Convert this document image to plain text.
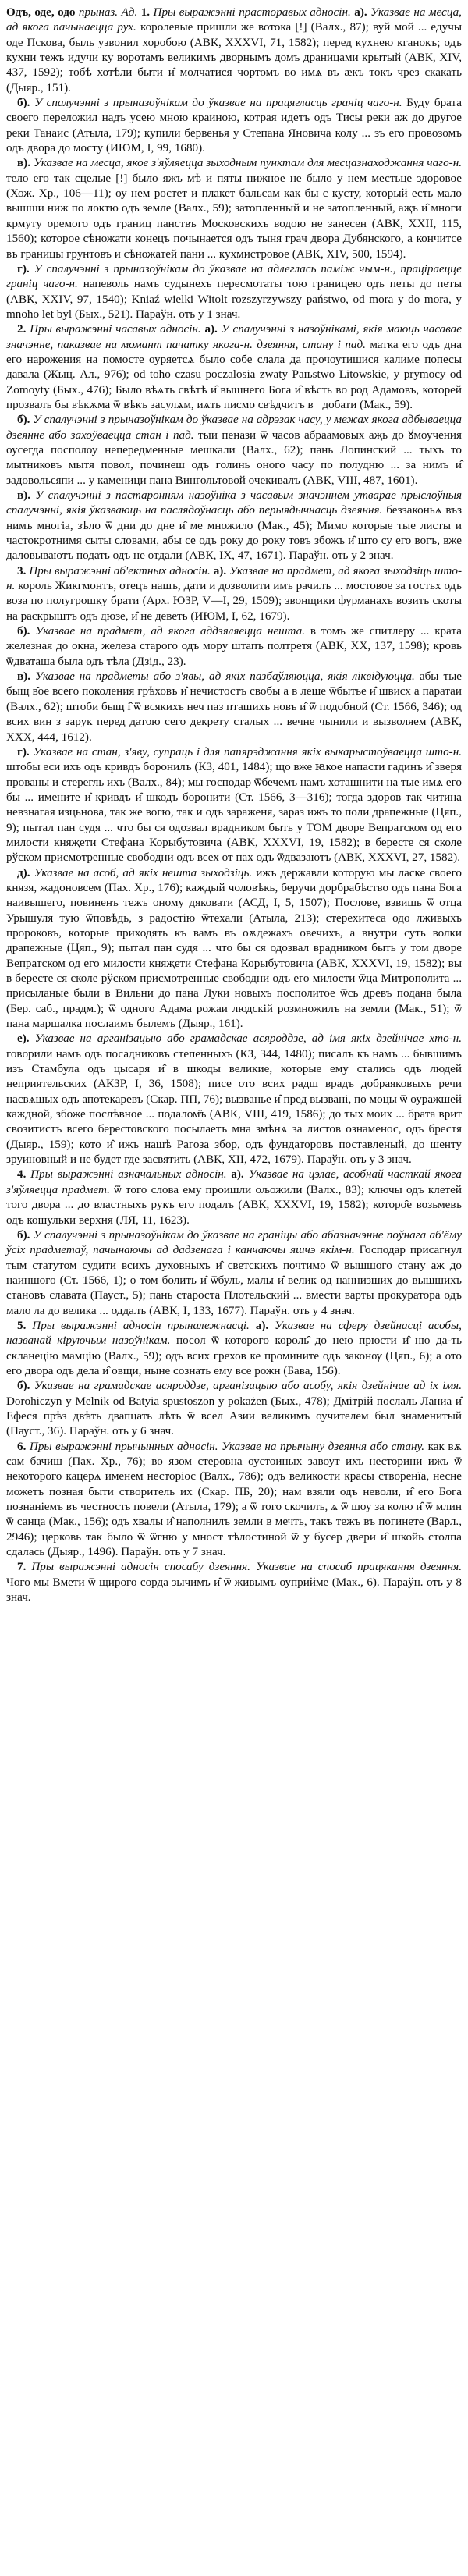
Одъ, оде, одо прыназ. Ад. 1. Пры выражэнні прасторавых адносін. а). Указвае на месца, ад якога пачынаецца рух. королевые пришли же вотока [!] (Валх., 87); вуй мой ... едучы оде Пскова, быль узвонил хоробою (АВК, XXXVI, 71, 1582); перед кухнею кганокъ; одъ кухни тежъ идучи ку воротамъ великимъ дворнымъ домъ драницами крытый (АВК, XIV, 437, 1592); тобѣ хотѣли быти и̂ молчатися чортомъ во имѧ въ ӕкъ токъ чрез скакать (Дыяр., 151).

б). У спалучэнні з прыназоўнікам до ўказвае на працягласць граніц чаго-н. Буду брата своего переложил надъ усею мною краиною, котрая идетъ одъ Тисы реки аж до другое реки Танаис (Атыла, 179); купили бервенья у Степана Яновича колу ... зъ его провозомъ одъ двора до мосту (ИЮМ, I, 99, 1680).

в). Указвае на месца, якое з'яўляецца зыходным пунктам для месцазнаходжання чаго-н. тело его так сцелые [!] было яжъ мѣ и пяты нижное не было у нем местьце здоровое (Хож. Хр., 106—11); оу нем ростет и плакет бальсам как бы с кусту, который есть мало вышши ниж по локтю одъ земле (Валх., 59); затопленный и не затопленный, аҗъ и̂ многи крмуту оремого одъ границ панствъ Московскихъ водою не занесен (АВК, XXII, 115, 1560); которое сѣножати конецъ почынается одъ тыня граҹ двора Дубянского, а кончитсе въ границы грунтовъ и сѣножатей пани ... кухмистровое (АВК, XIV, 500, 1594).

г). У спалучэнні з прыназоўнікам до ўказвае на адлеглась паміж чым-н., праціраецце граніц чаго-н. напеволь намъ судынехъ пересмотаты тою границею одъ петы до петы (АВК, XXIV, 97, 1540); Kniaź wielki Witolt rozszyrzywszy pańѕtwo, od mora у do mora, у mnoho let byl (Бых., 521). Параўн. оть у 1 знач.

2. Пры выражэнні часавых адносін. а). У спалучэнні з назоўнікамі, якія маюць часавае значэнне, паказвае на момант пачатку якога-н. дзеяння, стану і пад. матка его одъ дна его нарожения на помосте оуряетсѧ было собе слала да прочоутишися калиме попесы давала (Жыц. Ал., 976); od toho czasu poczalosia zwaty Paњstwo Litowskie, у prymoсу od Zomoytу (Бых., 476); Было вѣѧть свѣтѣ и̂ вышнего Бога и̂ вѣсть во род Адамовъ, которей прозвалъ бы вѣкѫма ѿ вѣкъ засулѧм, иѧть писмо свѣдчитъ в᷑добати (Мак., 59).

б). У спалучэнні з прыназоўнікам до ўказвае на адрэзак часу, у межах якога адбываецца дзеянне або захоўваецца стан і пад. тыи пенази ѿ часов абраамовых аҗь до ꙋмоучения оусегда посполоу непередменные мешкали (Валх., 62); пань Лопинский ... тыхъ то мытниковъ мытя повол, починеш одъ голинь оного часу по полудню ... за нимъ и̂ задовольсяпи ... у каменици пана Вингольтовой очекивалъ (АВК, VIII, 487, 1601).

в). У спалучэнні з пастаронням назоўніка з часавым значэннем утварае прыслоўныя спалучэнні, якія ўказваюць на паслядоўнасць або перыядычнасць дзеяння. беззаконьѧ въз нимъ многіа, зѣло ѿ дни до дне и̂ ме множило (Мак., 45); Мимо которые тые листы и частокротнимя сыты словами, абы се одъ року до року товъ збожъ и̂ што су его вогъ, вже даловываютъ подать одъ не отдали (АВК, IX, 47, 1671). Параўн. оть у 2 знач.

3. Пры выражэнні аб'ектных адносін. а). Указвае на прадмет, ад якога зыходзіць што-н. король Жикгмонтъ, отецъ нашъ, дати и дозволити имъ рачилъ ... мостовое за гостьх одъ воза по полугрошку брати (Арх. ЮЗР, V—I, 29, 1509); звонщики фурманахъ возить скоты на раскрыштъ одъ дюзе, и̂ не деветь (ИЮМ, I, 62, 1679).

б). Указвае на прадмет, ад якога аддзяляецца нешта. в томъ же спитлеру ... крата железная до окна, железа старого одъ мору штапъ полтретя (АВК, XX, 137, 1598); кровь ѿдваташа была одъ тѣла (Дзід., 23).

в). Указвае на прадметы або з'явы, ад якіх пазбаўляюцца, якія ліквідуюцца. абы тые быщ в̑ое всего поколения грѣховъ и̂ нечистостъ свобы а в леше ѿбытье и̂ швисх а паратаи (Валх., 62); штоби быщ і̂ ѿ всякихъ неч паз пташихъ новъ и̂ ѿ подобной (Ст. 1566, 346); од всих вин з зарук перед датою сего декрету сталых ... вечне чынили и вызволяем (АВК, XXX, 444, 1612).

г). Указвае на стан, з'яву, супраць і для папярэджання якіх выкарыстоўваецца што-н. штобы еси ихъ одъ кривдъ боронилъ (КЗ, 401, 1484); що вже ꙗкое напасти гадинъ и̂ зверя прованы и стерегль ихъ (Валх., 84); мы господар ѿбечемъ намъ хоташнити на тые имѧ его бы ... имените и̂ кривдъ и̂ шкодъ боронити (Ст. 1566, 3—316); тогда здоров так читина невзнагая изцьнова, так же вогю, так и одъ зараженя, зараз ижъ то поли драпежные (Цяп., 9); пытал пан судя ... что бы ся одозвал врадником быть у ТОМ дворе Вепратском од его милости княҗети Стефана Корыбутовича (АВК, XXXVI, 19, 1582); в бересте ся сколе рўском присмотренные свободни одъ всех от пах одъ ѿдвазаютъ (АВК, XXXVI, 27, 1582).

д). Указвае на асоб, ад якіх нешта зыходзіць. ижъ державли которую мы ласке своего князя, жадоновсем (Пах. Хр., 176); каждый чоловѣкь, беручи дорбрабѣство одъ пана Бога наивышего, повиненъ тежъ оному дяковати (АСД, I, 5, 1507); Послове, взвишь ѿ отца Урышуля тую ѿповѣдь, з радостію ѿтехали (Атыла, 213); стерехитеса одо лживыхъ пророковъ, которые приходять къ вамъ въ оѫдежахъ овечихъ, а внутри суть волки драпежные (Цяп., 9); пытал пан судя ... что бы ся одозвал врадником быть у том дворе Вепратском од его милости княҗети Стефана Корыбутовича (АВК, XXXVI, 19, 1582); вы в бересте ся сколе рўском присмотренные свободни одъ его милости ѿца Митрополита ... присыланые были в Вильни до пана Луки новыхъ посполитое ѿсь древъ подана была (Бер. саб., прадм.); ѿ одного Адама рожаи людскій розмножилъ на земли (Мак., 51); ѿ пана маршалка послаимъ былемъ (Дыяр., 161).

е). Указвае на арганізацыю або грамадскае асяроддзе, ад імя якіх дзейнічае хто-н. говорили намъ одъ посадниковъ степенныхъ (КЗ, 344, 1480); писалъ къ намъ ... бывшимъ изъ Стамбула одъ цысаря и̂ в шкоды великие, которые ему стались одъ людей неприятельских (АКЗР, I, 36, 1508); писе ото всих радш врадъ добраяковыхъ речи насвѧщых одъ апотекаревъ (Скар. ПП, 76); вызванье и̂ пред вызвані, по моцы ѿ оуражшей каждной, збоже послѣвное ... подалом̑ъ (АВК, VIII, 419, 1586); до тых моих ... брата врит свозитистъ всего берестовского посылаетъ мна змѣнѧ за листов ознаменос, одъ брестя (Дыяр., 159); кото и̂ ижъ нашѣ Рагоза збор, одъ фундаторовъ поставленый, до шенту зруиновный и не будет где засвятить (АВК, XII, 472, 1679). Параўн. оть у 3 знач.

4. Пры выражэнні азначальных адносін. а). Указвае на цэлае, асобнай часткай якога з'яўляецца прадмет. ѿ того слова ему проишли ољожили (Валх., 83); ключы одъ клетей того двора ... до властныхъ рукъ его подалъ (АВК, XXXVI, 19, 1582); которо̑е возьмевъ одъ кошульки верхня (ЛЯ, 11, 1623).

б). У спалучэнні з прыназоўнікам до ўказвае на граніцы або абазначэнне поўнага аб'ёму ўсіх прадметаў, пачынаючы ад дадзенага і канчаючы яшчэ якім-н. Господар присагнул тым статутом судити всихъ духовныхъ и̂ светскихъ почтимо ѿ вышшого стану аж до наиншого (Ст. 1566, 1); о том болить и̂ ѿбуль, малы и̂ велик од наннизших до вышшихъ становъ славата (Пауст., 5); пань староста Плотельский ... вмести варты прокуратора одъ мало ла до велика ... оддалъ (АВК, I, 133, 1677). Параўн. оть у 4 знач.

5. Пры выражэнні адносін прыналежнасці. а). Указвае на сферу дзейнасці асобы, названай кіруючым назоўнікам. посол ѿ которого король̑ до нею прюсти и̂ ню да-ть скланецію мамцію (Валх., 59); одъ всих грехов ке промините одъ законѹ (Цяп., 6); а ото его двора одъ дела и̂ овщи, ныне сознать ему все рожн (Бава, 156).

б). Указвае на грамадскае асяроддзе, арганізацыю або асобу, якія дзейнічае ад іх імя. Dorohiczyn у Melnik od Batyia spustoszon у pokażen (Быx., 478); Дмітрій послаль Ланиа и̂ Ефеся прѣз двѣть двапцать лѣть ѿ всел Азии великимъ оучителем был знаменитый (Пауст., 36). Параўн. оть у 6 знач.

6. Пры выражэнні прычынных адносін. Указвае на прычыну дзеяння або стану. как вѫ сам бачиш (Пах. Хр., 76); во язом стеровна оустоиных завоут ихъ несторини ижъ ѿ некоторого кацерѧ именем несторіос (Валх., 786); одъ великости красы створенїа, несне можетъ позная быти створитель их (Скар. ПБ, 20); нам взяли одъ неволи, и̂ его Бога познаніемъ въ честность повели (Атыла, 179); а ѿ того скочилъ, ѧ ѿ шоу за колю и̂ ѿ млин ѿ санца (Мак., 156); одъ хвалы и̂ наполнилъ земли в мечть, такъ тежъ въ погинете (Варл., 2946); церковь так было ѿ ѿгню у мност тѣлостиной ѿ у бусер двери и̂ шкойь столпа сдалась (Дыяр., 1496). Параўн. оть у 7 знач.

7. Пры выражэнні адносін спосабу дзеяння. Указвае на спосаб працякання дзеяння. Чого мы Вмети ѿ щирого сорда зычимъ и̂ ѿ живымъ оуприйме (Мак., 6). Параўн. оть у 8 знач.
